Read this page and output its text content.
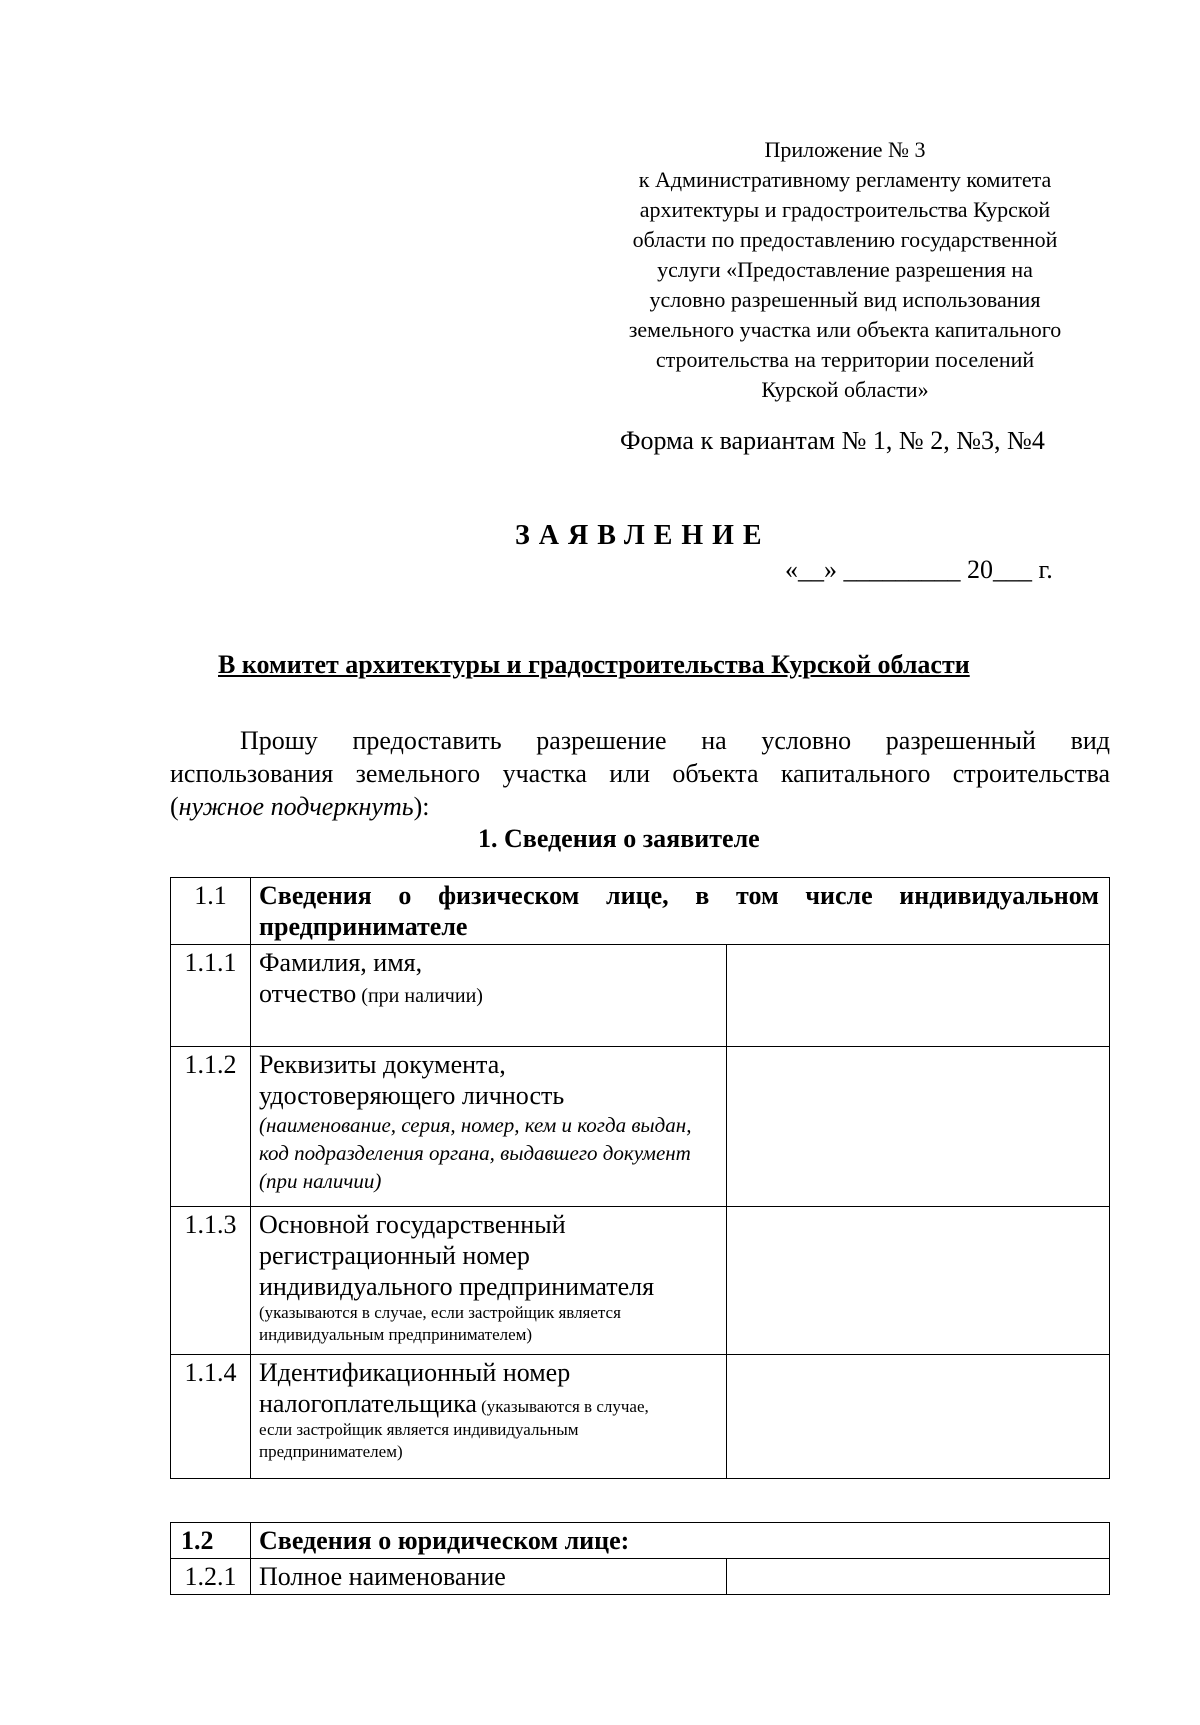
Приложение № 3
к Административному регламенту комитета
архитектуры и градостроительства Курской
области по предоставлению государственной
услуги «Предоставление разрешения на
условно разрешенный вид использования
земельного участка или объекта капитального
строительства на территории поселений
Курской области»
Форма к вариантам № 1, № 2, №3, №4
ЗАЯВЛЕНИЕ
«__» _________ 20___ г.
В комитет архитектуры и градостроительства Курской области
Прошу предоставить разрешение на условно разрешенный вид использования земельного участка или объекта капитального строительства (нужное подчеркнуть):
1. Сведения о заявителе
1.1	Сведения о физическом лице, в том числе индивидуальном предпринимателе	
1.1.1	Фамилия, имя,
отчество (при наличии)	

1.1.2	Реквизиты документа,
удостоверяющего личность
(наименование, серия, номер, кем и когда выдан, код подразделения органа, выдавшего документ (при наличии)	

1.1.3	Основной государственный
регистрационный номер
индивидуального предпринимателя
(указываются в случае, если застройщик является индивидуальным предпринимателем)	

1.1.4	Идентификационный номер
налогоплательщика (указываются в случае,
если застройщик является индивидуальным предпринимателем)	

1.2	Сведения о юридическом лице:	
1.2.1	Полное наименование	
